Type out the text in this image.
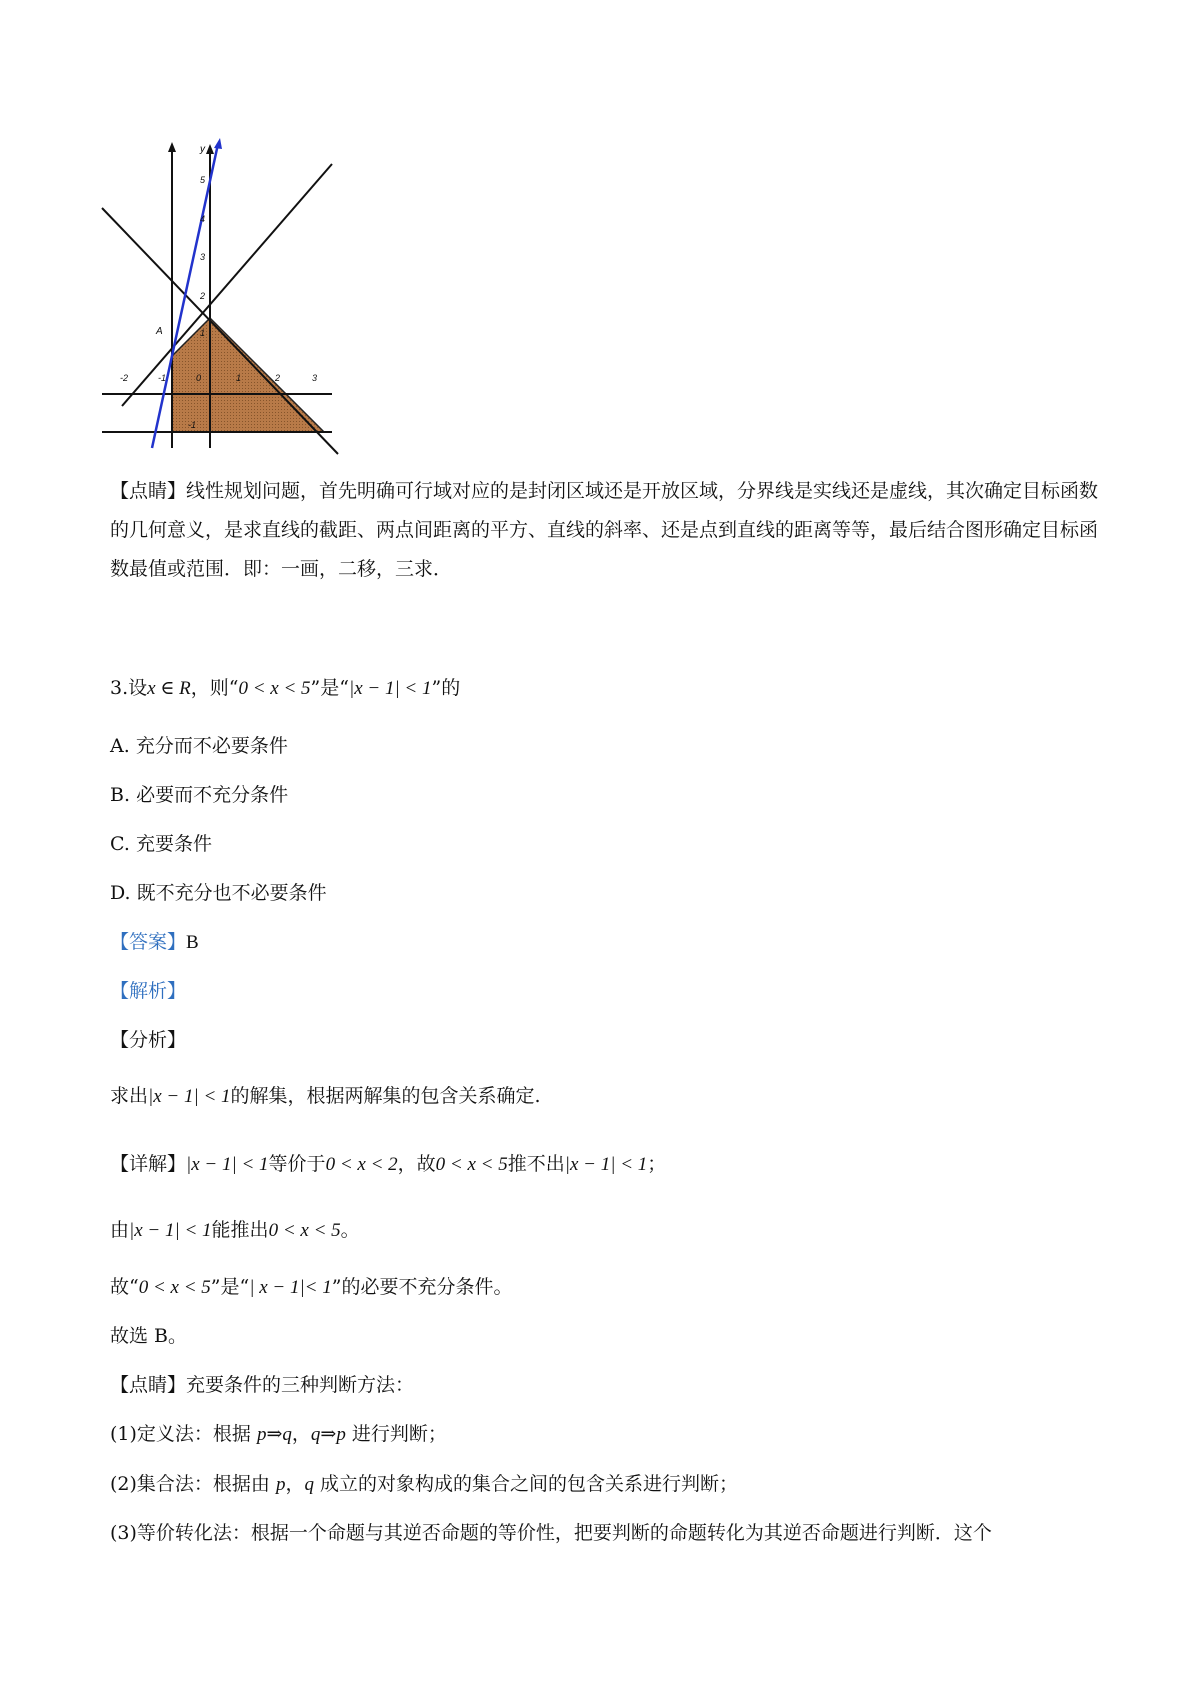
y
5
4
3
2
1
-1
-2	-1	0	1	2	3
A
【点睛】线性规划问题，首先明确可行域对应的是封闭区域还是开放区域，分界线是实线还是虚线，其次确定目标函数的几何意义，是求直线的截距、两点间距离的平方、直线的斜率、还是点到直线的距离等等，最后结合图形确定目标函数最值或范围．即：一画，二移，三求．
3.设x ∈ R，则“0 < x < 5”是“|x − 1| < 1”的
A. 充分而不必要条件
B. 必要而不充分条件
C. 充要条件
D. 既不充分也不必要条件
【答案】B
【解析】
【分析】
求出|x − 1| < 1的解集，根据两解集的包含关系确定.
【详解】|x − 1| < 1等价于0 < x < 2，故0 < x < 5推不出|x − 1| < 1；
由|x − 1| < 1能推出0 < x < 5。
故“0 < x < 5”是“| x − 1|< 1”的必要不充分条件。
故选 B。
【点睛】充要条件的三种判断方法：
(1)定义法：根据 p⇒q，q⇒p 进行判断；
(2)集合法：根据由 p，q 成立的对象构成的集合之间的包含关系进行判断；
(3)等价转化法：根据一个命题与其逆否命题的等价性，把要判断的命题转化为其逆否命题进行判断．这个
